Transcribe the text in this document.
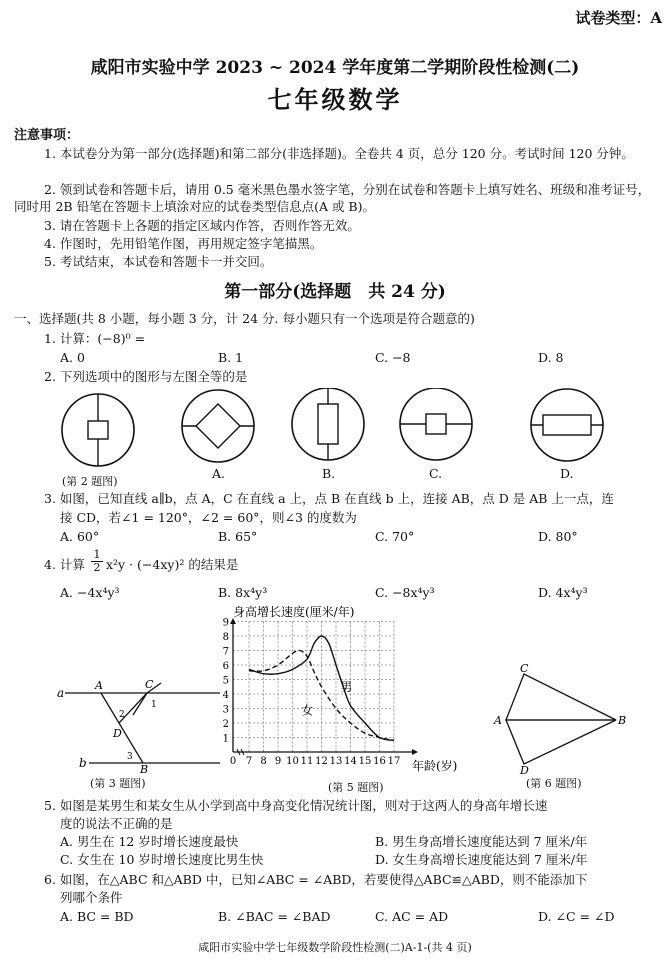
试卷类型：A
咸阳市实验中学 2023 ~ 2024 学年度第二学期阶段性检测(二)
七年级数学
注意事项：
1. 本试卷分为第一部分(选择题)和第二部分(非选择题)。全卷共 4 页，总分 120 分。考试时间 120 分钟。
2. 领到试卷和答题卡后，请用 0.5 毫米黑色墨水签字笔，分别在试卷和答题卡上填写姓名、班级和准考证号，同时用 2B 铅笔在答题卡上填涂对应的试卷类型信息点(A 或 B)。
3. 请在答题卡上各题的指定区域内作答，否则作答无效。
4. 作图时，先用铅笔作图，再用规定签字笔描黑。
5. 考试结束，本试卷和答题卡一并交回。
第一部分(选择题　共 24 分)
一、选择题(共 8 小题，每小题 3 分，计 24 分. 每小题只有一个选项是符合题意的)
1. 计算：(−8)⁰ =
A. 0	B. 1	C. −8	D. 8
2. 下列选项中的图形与左图全等的是
(第 2 题图)
A.	B.	C.	D.
3. 如图，已知直线 a∥b，点 A，C 在直线 a 上，点 B 在直线 b 上，连接 AB，点 D 是 AB 上一点，连
接 CD，若∠1 = 120°，∠2 = 60°，则∠3 的度数为
A. 60°	B. 65°	C. 70°	D. 80°
4. 计算 $\frac{1}{2} x^2y \cdot (-4xy)^2$ 的结果是
A. −4x⁴y³	B. 8x⁴y³	C. −8x⁴y³	D. 4x⁴y³
a
b
A	C
D
B
1
2
3
(第 3 题图)
身高增长速度(厘米/年)
0 7 8 9 10 11 12 13 14 15 16 17
1
2
3
4
5
6
7
8
9
男
女
年龄(岁)
(第 5 题图)
C
A	B
D
(第 6 题图)
5. 如图是某男生和某女生从小学到高中身高变化情况统计图，则对于这两人的身高年增长速
度的说法不正确的是
A. 男生在 12 岁时增长速度最快	B. 男生身高增长速度能达到 7 厘米/年
C. 女生在 10 岁时增长速度比男生快	D. 女生身高增长速度能达到 7 厘米/年
6. 如图，在△ABC 和△ABD 中，已知∠ABC = ∠ABD，若要使得△ABC≌△ABD，则不能添加下
列哪个条件
A. BC = BD	B. ∠BAC = ∠BAD	C. AC = AD	D. ∠C = ∠D
咸阳市实验中学七年级数学阶段性检测(二)A-1-(共 4 页)
